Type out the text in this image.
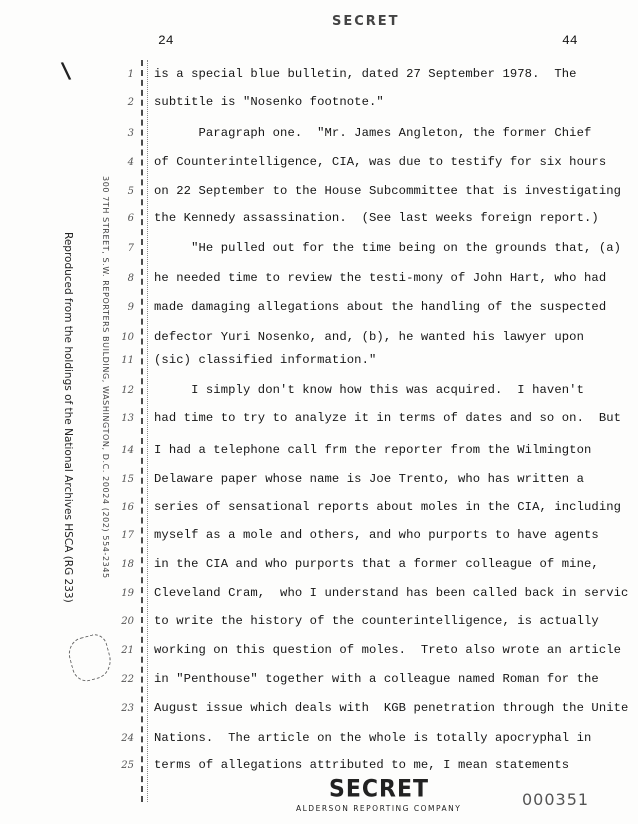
SECRET
24	44
\	1
2
3
4
5
6
7
8
9
10
11
12
13
14
15
16
17
18
19
20
21
22
23
24
25
is a special blue bulletin, dated 27 September 1978.  The
subtitle is "Nosenko footnote."
Paragraph one.  "Mr. James Angleton, the former Chief
of Counterintelligence, CIA, was due to testify for six hours
on 22 September to the House Subcommittee that is investigating
the Kennedy assassination.  (See last weeks foreign report.)
"He pulled out for the time being on the grounds that, (a)
he needed time to review the testi-mony of John Hart, who had
made damaging allegations about the handling of the suspected
defector Yuri Nosenko, and, (b), he wanted his lawyer upon
(sic) classified information."
I simply don't know how this was acquired.  I haven't
had time to try to analyze it in terms of dates and so on.  But
I had a telephone call frm the reporter from the Wilmington
Delaware paper whose name is Joe Trento, who has written a
series of sensational reports about moles in the CIA, including
myself as a mole and others, and who purports to have agents
in the CIA and who purports that a former colleague of mine,
Cleveland Cram,  who I understand has been called back in servic
to write the history of the counterintelligence, is actually
working on this question of moles.  Treto also wrote an article
in "Penthouse" together with a colleague named Roman for the
August issue which deals with  KGB penetration through the Unite
Nations.  The article on the whole is totally apocryphal in
terms of allegations attributed to me, I mean statements
Reproduced from the holdings of the National Archives HSCA (RG 233)	300 7TH STREET, S.W. REPORTERS BUILDING, WASHINGTON, D.C. 20024 (202) 554-2345
SECRET
ALDERSON REPORTING COMPANY	000351
